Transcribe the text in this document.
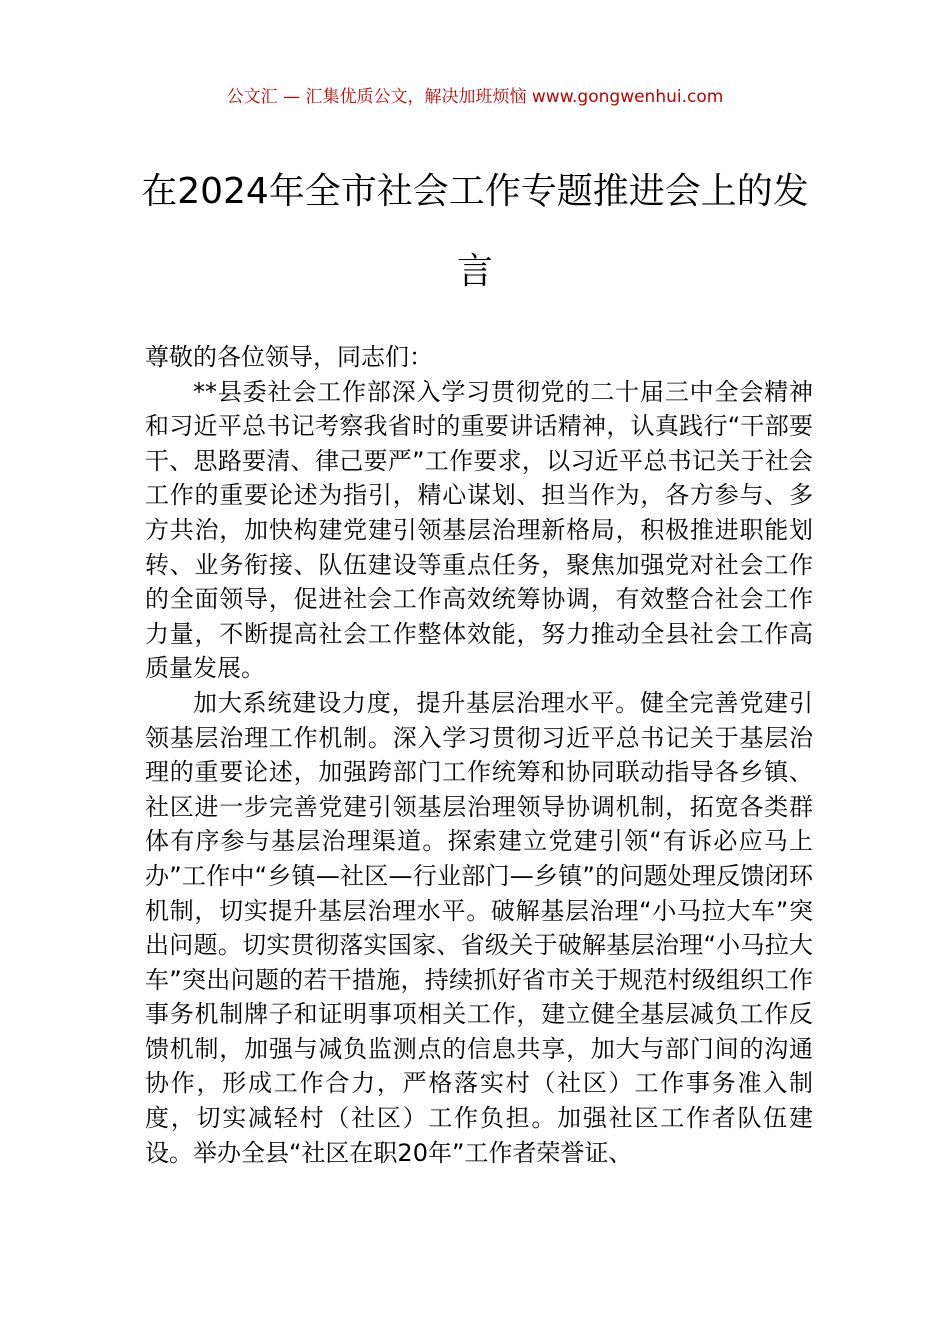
公文汇 — 汇集优质公文，解决加班烦恼 www.gongwenhui.com
在2024年全市社会工作专题推进会上的发言

尊敬的各位领导，同志们：

**县委社会工作部深入学习贯彻党的二十届三中全会精神和习近平总书记考察我省时的重要讲话精神，认真践行“干部要干、思路要清、律己要严”工作要求，以习近平总书记关于社会工作的重要论述为指引，精心谋划、担当作为，各方参与、多方共治，加快构建党建引领基层治理新格局，积极推进职能划转、业务衔接、队伍建设等重点任务，聚焦加强党对社会工作的全面领导，促进社会工作高效统筹协调，有效整合社会工作力量，不断提高社会工作整体效能，努力推动全县社会工作高质量发展。

加大系统建设力度，提升基层治理水平。健全完善党建引领基层治理工作机制。深入学习贯彻习近平总书记关于基层治理的重要论述，加强跨部门工作统筹和协同联动指导各乡镇、社区进一步完善党建引领基层治理领导协调机制，拓宽各类群体有序参与基层治理渠道。探索建立党建引领“有诉必应马上办”工作中“乡镇—社区—行业部门—乡镇”的问题处理反馈闭环机制，切实提升基层治理水平。破解基层治理“小马拉大车”突出问题。切实贯彻落实国家、省级关于破解基层治理“小马拉大车”突出问题的若干措施，持续抓好省市关于规范村级组织工作事务机制牌子和证明事项相关工作，建立健全基层减负工作反馈机制，加强与减负监测点的信息共享，加大与部门间的沟通协作，形成工作合力，严格落实村（社区）工作事务准入制度，切实减轻村（社区）工作负担。加强社区工作者队伍建设。举办全县“社区在职20年”工作者荣誉证、
